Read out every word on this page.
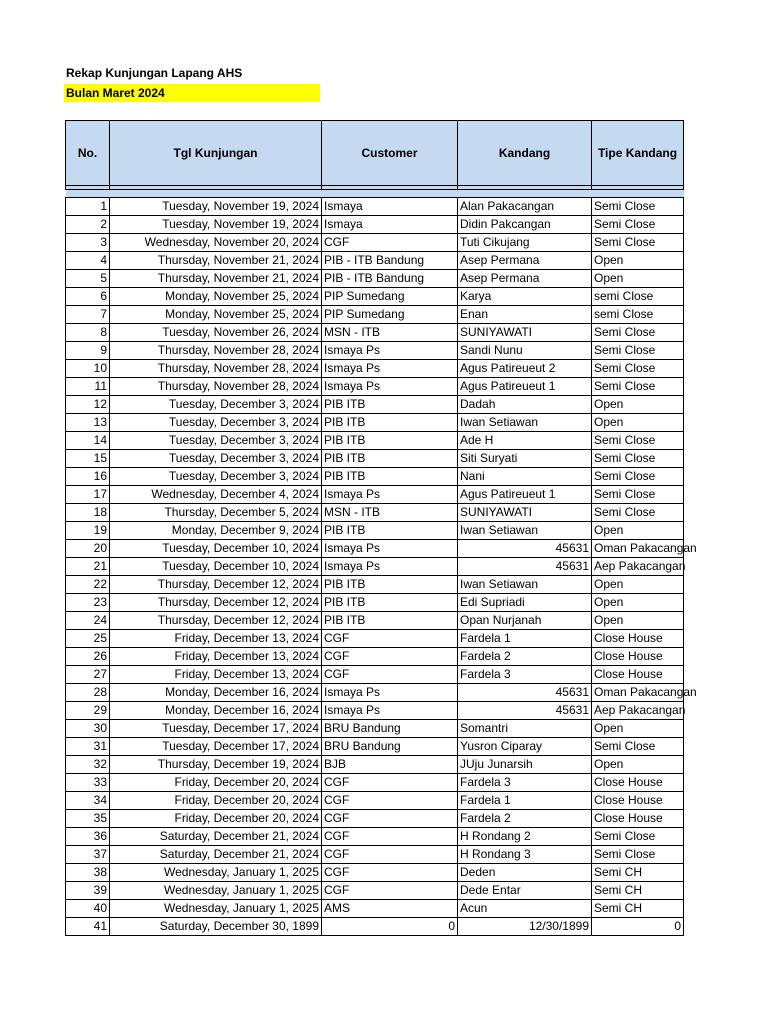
Rekap Kunjungan Lapang AHS
Bulan Maret 2024
No.	Tgl Kunjungan	Customer	Kandang	Tipe Kandang

1	Tuesday, November 19, 2024	Ismaya	Alan Pakacangan	Semi Close
2	Tuesday, November 19, 2024	Ismaya	Didin Pakcangan	Semi Close
3	Wednesday, November 20, 2024	CGF	Tuti Cikujang	Semi Close
4	Thursday, November 21, 2024	PIB - ITB Bandung	Asep Permana	Open
5	Thursday, November 21, 2024	PIB - ITB Bandung	Asep Permana	Open
6	Monday, November 25, 2024	PIP Sumedang	Karya	semi Close
7	Monday, November 25, 2024	PIP Sumedang	Enan	semi Close
8	Tuesday, November 26, 2024	MSN - ITB	SUNIYAWATI	Semi Close
9	Thursday, November 28, 2024	Ismaya Ps	Sandi Nunu	Semi Close
10	Thursday, November 28, 2024	Ismaya Ps	Agus Patireueut 2	Semi Close
11	Thursday, November 28, 2024	Ismaya Ps	Agus Patireueut 1	Semi Close
12	Tuesday, December 3, 2024	PIB ITB	Dadah	Open
13	Tuesday, December 3, 2024	PIB ITB	Iwan Setiawan	Open
14	Tuesday, December 3, 2024	PIB ITB	Ade H	Semi Close
15	Tuesday, December 3, 2024	PIB ITB	Siti Suryati	Semi Close
16	Tuesday, December 3, 2024	PIB ITB	Nani	Semi Close
17	Wednesday, December 4, 2024	Ismaya Ps	Agus Patireueut 1	Semi Close
18	Thursday, December 5, 2024	MSN - ITB	SUNIYAWATI	Semi Close
19	Monday, December 9, 2024	PIB ITB	Iwan Setiawan	Open
20	Tuesday, December 10, 2024	Ismaya Ps	45631	Oman Pakacangan
21	Tuesday, December 10, 2024	Ismaya Ps	45631	Aep Pakacangan
22	Thursday, December 12, 2024	PIB ITB	Iwan Setiawan	Open
23	Thursday, December 12, 2024	PIB ITB	Edi Supriadi	Open
24	Thursday, December 12, 2024	PIB ITB	Opan Nurjanah	Open
25	Friday, December 13, 2024	CGF	Fardela 1	Close House
26	Friday, December 13, 2024	CGF	Fardela 2	Close House
27	Friday, December 13, 2024	CGF	Fardela 3	Close House
28	Monday, December 16, 2024	Ismaya Ps	45631	Oman Pakacangan
29	Monday, December 16, 2024	Ismaya Ps	45631	Aep Pakacangan
30	Tuesday, December 17, 2024	BRU Bandung	Somantri	Open
31	Tuesday, December 17, 2024	BRU Bandung	Yusron Ciparay	Semi Close
32	Thursday, December 19, 2024	BJB	JUju Junarsih	Open
33	Friday, December 20, 2024	CGF	Fardela 3	Close House
34	Friday, December 20, 2024	CGF	Fardela 1	Close House
35	Friday, December 20, 2024	CGF	Fardela 2	Close House
36	Saturday, December 21, 2024	CGF	H Rondang 2	Semi Close
37	Saturday, December 21, 2024	CGF	H Rondang 3	Semi Close
38	Wednesday, January 1, 2025	CGF	Deden	Semi CH
39	Wednesday, January 1, 2025	CGF	Dede Entar	Semi CH
40	Wednesday, January 1, 2025	AMS	Acun	Semi CH
41	Saturday, December 30, 1899	0	12/30/1899	0
